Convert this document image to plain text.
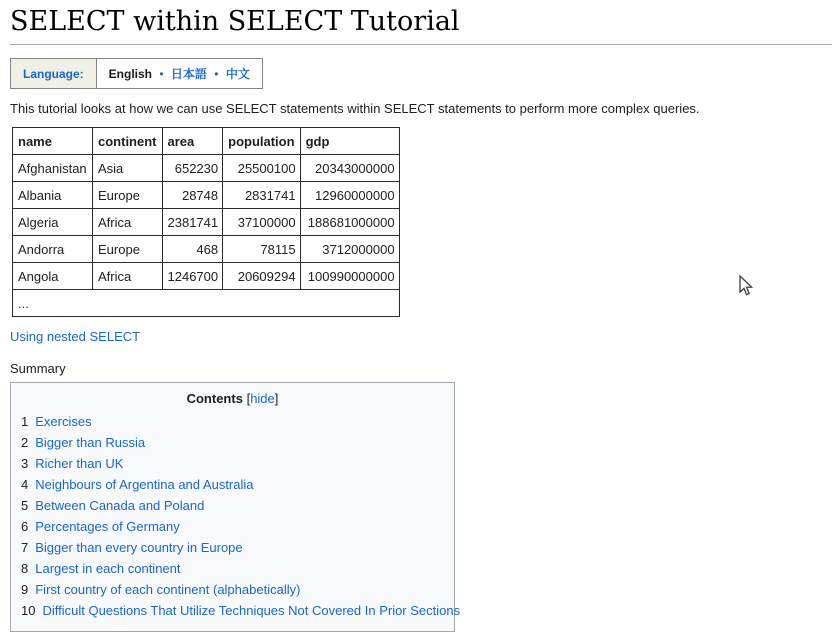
SELECT within SELECT Tutorial
Language:	English • 日本語 • 中文
This tutorial looks at how we can use SELECT statements within SELECT statements to perform more complex queries.
name	continent	area	population	gdp
Afghanistan	Asia	652230	25500100	20343000000
Albania	Europe	28748	2831741	12960000000
Algeria	Africa	2381741	37100000	188681000000
Andorra	Europe	468	78115	3712000000
Angola	Africa	1246700	20609294	100990000000
...				
Using nested SELECT
Summary
Contents [hide]
1 Exercises
2 Bigger than Russia
3 Richer than UK
4 Neighbours of Argentina and Australia
5 Between Canada and Poland
6 Percentages of Germany
7 Bigger than every country in Europe
8 Largest in each continent
9 First country of each continent (alphabetically)
10 Difficult Questions That Utilize Techniques Not Covered In Prior Sections
